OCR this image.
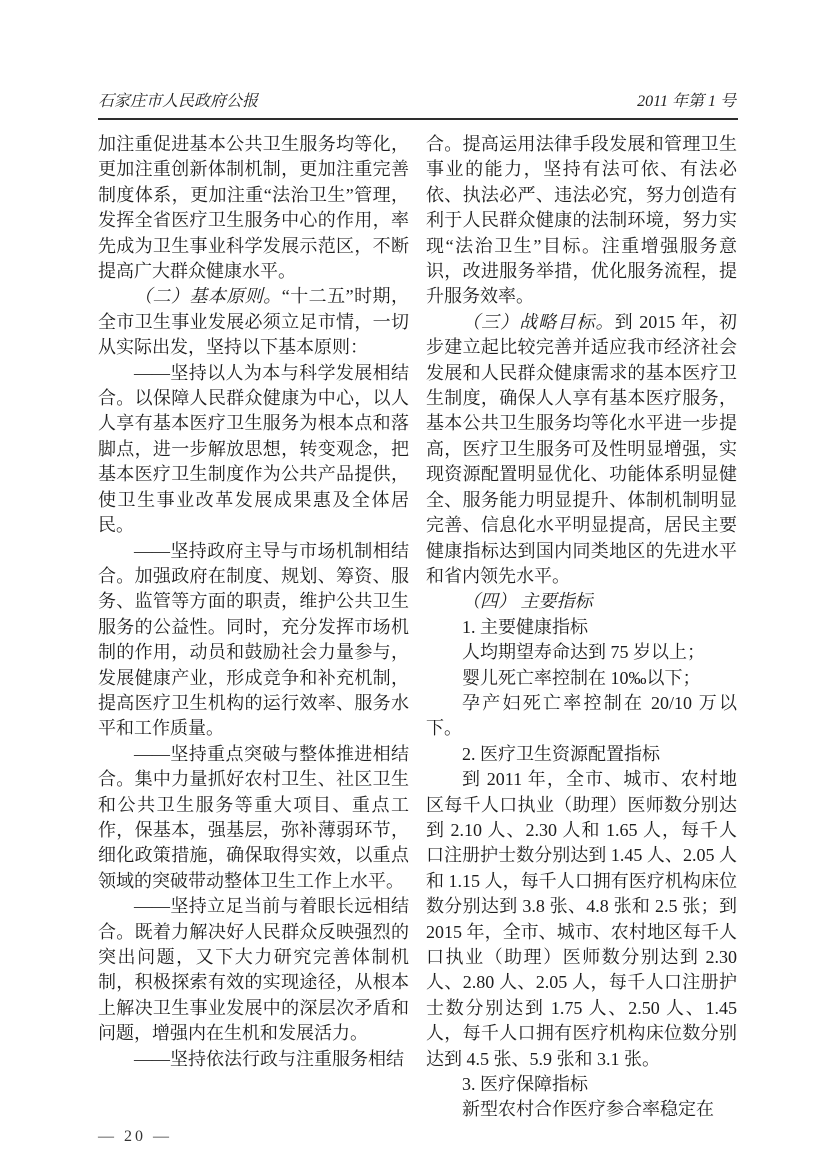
石家庄市人民政府公报	2011 年第 1 号

加注重促进基本公共卫生服务均等化，更加注重创新体制机制，更加注重完善制度体系，更加注重“法治卫生”管理，发挥全省医疗卫生服务中心的作用，率先成为卫生事业科学发展示范区，不断提高广大群众健康水平。

（二）基本原则。“十二五”时期，全市卫生事业发展必须立足市情，一切从实际出发，坚持以下基本原则：

——坚持以人为本与科学发展相结合。以保障人民群众健康为中心，以人人享有基本医疗卫生服务为根本点和落脚点，进一步解放思想，转变观念，把基本医疗卫生制度作为公共产品提供，使卫生事业改革发展成果惠及全体居民。

——坚持政府主导与市场机制相结合。加强政府在制度、规划、筹资、服务、监管等方面的职责，维护公共卫生服务的公益性。同时，充分发挥市场机制的作用，动员和鼓励社会力量参与，发展健康产业，形成竞争和补充机制，提高医疗卫生机构的运行效率、服务水平和工作质量。

——坚持重点突破与整体推进相结合。集中力量抓好农村卫生、社区卫生和公共卫生服务等重大项目、重点工作，保基本，强基层，弥补薄弱环节，细化政策措施，确保取得实效，以重点领域的突破带动整体卫生工作上水平。

——坚持立足当前与着眼长远相结合。既着力解决好人民群众反映强烈的突出问题，又下大力研究完善体制机制，积极探索有效的实现途径，从根本上解决卫生事业发展中的深层次矛盾和问题，增强内在生机和发展活力。

——坚持依法行政与注重服务相结

合。提高运用法律手段发展和管理卫生事业的能力，坚持有法可依、有法必依、执法必严、违法必究，努力创造有利于人民群众健康的法制环境，努力实现“法治卫生”目标。注重增强服务意识，改进服务举措，优化服务流程，提升服务效率。

（三）战略目标。到 2015 年，初步建立起比较完善并适应我市经济社会发展和人民群众健康需求的基本医疗卫生制度，确保人人享有基本医疗服务，基本公共卫生服务均等化水平进一步提高，医疗卫生服务可及性明显增强，实现资源配置明显优化、功能体系明显健全、服务能力明显提升、体制机制明显完善、信息化水平明显提高，居民主要健康指标达到国内同类地区的先进水平和省内领先水平。

（四） 主要指标

1. 主要健康指标

人均期望寿命达到 75 岁以上；

婴儿死亡率控制在 10‰以下；

孕产妇死亡率控制在 20/10 万以下。

2. 医疗卫生资源配置指标

到 2011 年，全市、城市、农村地区每千人口执业（助理）医师数分别达到 2.10 人、2.30 人和 1.65 人，每千人口注册护士数分别达到 1.45 人、2.05 人和 1.15 人，每千人口拥有医疗机构床位数分别达到 3.8 张、4.8 张和 2.5 张；到 2015 年，全市、城市、农村地区每千人口执业（助理）医师数分别达到 2.30 人、2.80 人、2.05 人，每千人口注册护士数分别达到 1.75 人、2.50 人、1.45 人，每千人口拥有医疗机构床位数分别达到 4.5 张、5.9 张和 3.1 张。

3. 医疗保障指标

新型农村合作医疗参合率稳定在

— 20 —
